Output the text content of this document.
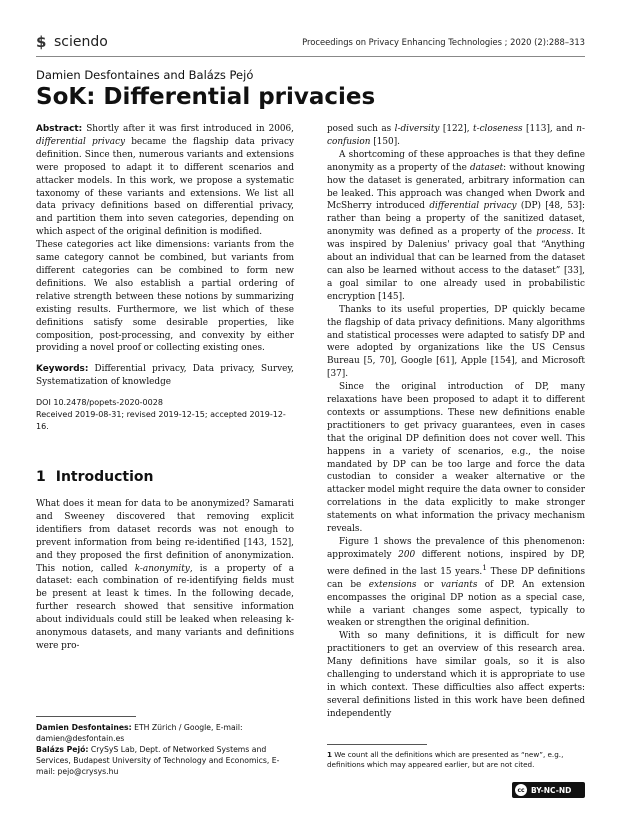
$ sciendo	Proceedings on Privacy Enhancing Technologies ; 2020 (2):288–313
Damien Desfontaines and Balázs Pejó
SoK: Differential privacies

Abstract: Shortly after it was first introduced in 2006, differential privacy became the flagship data privacy definition. Since then, numerous variants and extensions were proposed to adapt it to different scenarios and attacker models. In this work, we propose a systematic taxonomy of these variants and extensions. We list all data privacy definitions based on differential privacy, and partition them into seven categories, depending on which aspect of the original definition is modified.

These categories act like dimensions: variants from the same category cannot be combined, but variants from different categories can be combined to form new definitions. We also establish a partial ordering of relative strength between these notions by summarizing existing results. Furthermore, we list which of these definitions satisfy some desirable properties, like composition, post-processing, and convexity by either providing a novel proof or collecting existing ones.

Keywords: Differential privacy, Data privacy, Survey, Systematization of knowledge

DOI 10.2478/popets-2020-0028

Received 2019-08-31; revised 2019-12-15; accepted 2019-12-16.

1 Introduction

What does it mean for data to be anonymized? Samarati and Sweeney discovered that removing explicit identifiers from dataset records was not enough to prevent information from being re-identified [143, 152], and they proposed the first definition of anonymization. This notion, called k-anonymity, is a property of a dataset: each combination of re-identifying fields must be present at least k times. In the following decade, further research showed that sensitive information about individuals could still be leaked when releasing k-anonymous datasets, and many variants and definitions were pro-

posed such as l-diversity [122], t-closeness [113], and n-confusion [150].

A shortcoming of these approaches is that they define anonymity as a property of the dataset: without knowing how the dataset is generated, arbitrary information can be leaked. This approach was changed when Dwork and McSherry introduced differential privacy (DP) [48, 53]: rather than being a property of the sanitized dataset, anonymity was defined as a property of the process. It was inspired by Dalenius' privacy goal that “Anything about an individual that can be learned from the dataset can also be learned without access to the dataset” [33], a goal similar to one already used in probabilistic encryption [145].

Thanks to its useful properties, DP quickly became the flagship of data privacy definitions. Many algorithms and statistical processes were adapted to satisfy DP and were adopted by organizations like the US Census Bureau [5, 70], Google [61], Apple [154], and Microsoft [37].

Since the original introduction of DP, many relaxations have been proposed to adapt it to different contexts or assumptions. These new definitions enable practitioners to get privacy guarantees, even in cases that the original DP definition does not cover well. This happens in a variety of scenarios, e.g., the noise mandated by DP can be too large and force the data custodian to consider a weaker alternative or the attacker model might require the data owner to consider correlations in the data explicitly to make stronger statements on what information the privacy mechanism reveals.

Figure 1 shows the prevalence of this phenomenon: approximately 200 different notions, inspired by DP, were defined in the last 15 years.$^1$ These DP definitions can be extensions or variants of DP. An extension encompasses the original DP notion as a special case, while a variant changes some aspect, typically to weaken or strengthen the original definition.

With so many definitions, it is difficult for new practitioners to get an overview of this research area. Many definitions have similar goals, so it is also challenging to understand which it is appropriate to use in which context. These difficulties also affect experts: several definitions listed in this work have been defined independently

Damien Desfontaines: ETH Zürich / Google, E-mail: damien@desfontain.es
Balázs Pejó: CrySyS Lab, Dept. of Networked Systems and Services, Budapest University of Technology and Economics, E-mail: pejo@crysys.hu
1 We count all the definitions which are presented as “new”, e.g., definitions which may appeared earlier, but are not cited.
cc BY-NC-ND
